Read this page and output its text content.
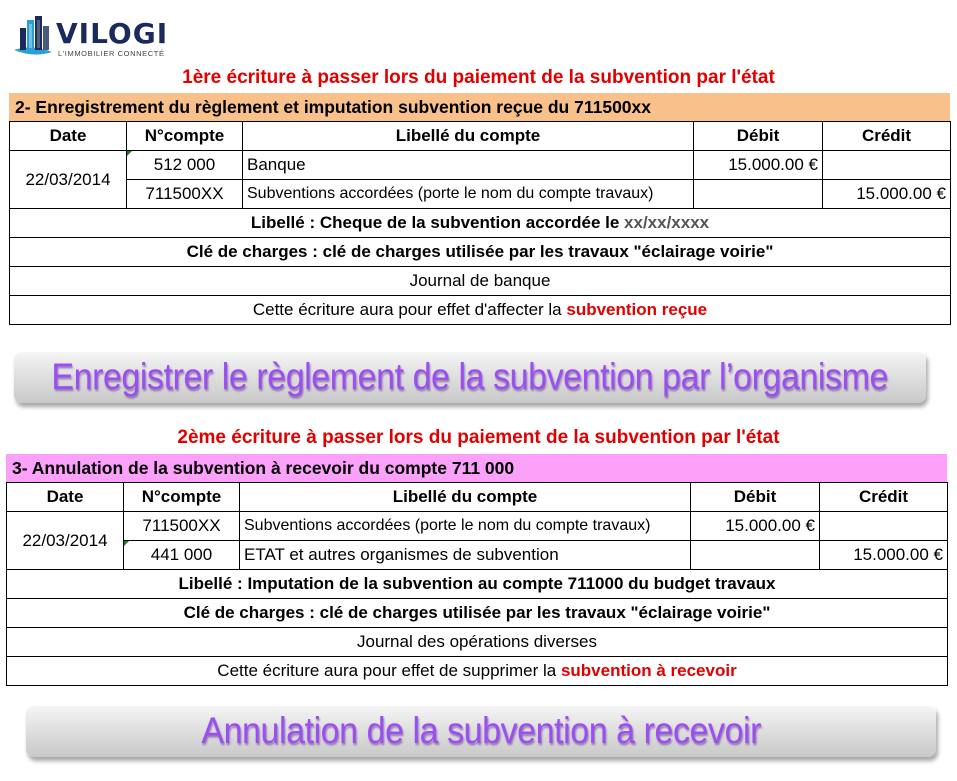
VILOGI
L'IMMOBILIER CONNECTÉ
1ère écriture à passer lors du paiement de la subvention par l'état
2- Enregistrement du règlement et imputation subvention reçue du 711500xx
Date	N°compte	Libellé du compte	Débit	Crédit
22/03/2014	512 000	Banque	15.000.00 €	
	711500XX	Subventions accordées (porte le nom du compte travaux)		15.000.00 €
Libellé : Cheque de la subvention accordée le xx/xx/xxxx				
Clé de charges : clé de charges utilisée par les travaux "éclairage voirie"				
Journal de banque				
Cette écriture aura pour effet d'affecter la subvention reçue				
Enregistrer le règlement de la subvention par l’organisme
2ème écriture à passer lors du paiement de la subvention par l'état
3- Annulation de la subvention à recevoir du compte 711 000
Date	N°compte	Libellé du compte	Débit	Crédit
22/03/2014	711500XX	Subventions accordées (porte le nom du compte travaux)	15.000.00 €	
	441 000	ETAT et autres organismes de subvention		15.000.00 €
Libellé : Imputation de la subvention au compte 711000 du budget travaux				
Clé de charges : clé de charges utilisée par les travaux "éclairage voirie"				
Journal des opérations diverses				
Cette écriture aura pour effet de supprimer la subvention à recevoir				
Annulation de la subvention à recevoir
